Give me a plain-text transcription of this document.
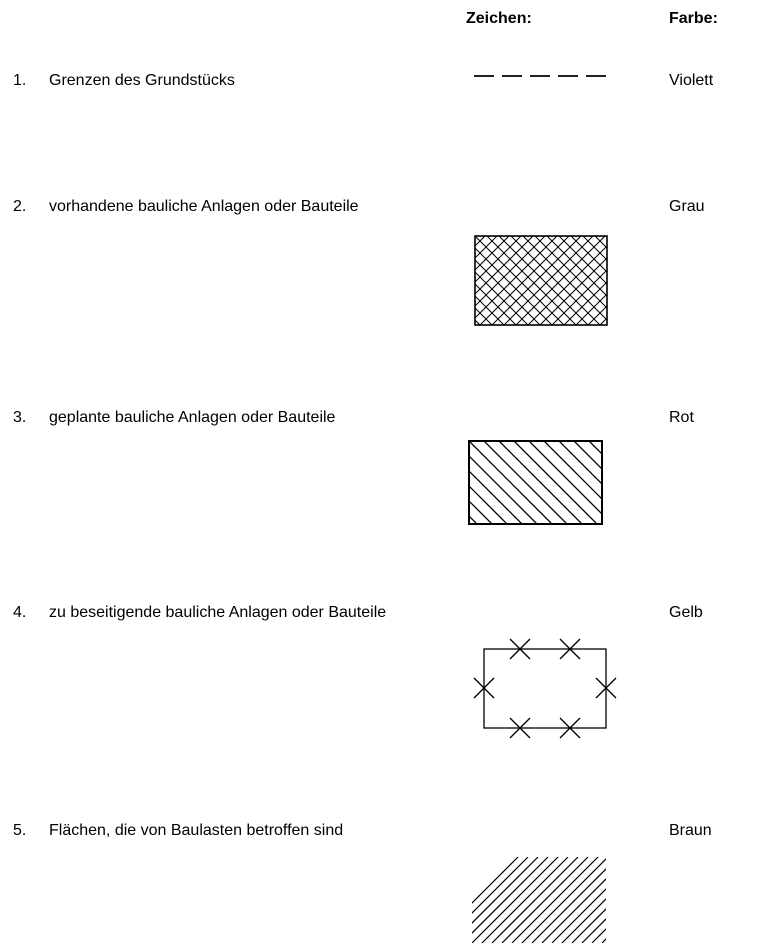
Zeichen:	Farbe:
1. Grenzen des Grundstücks	Violett
2. vorhandene bauliche Anlagen oder Bauteile	Grau
3. geplante bauliche Anlagen oder Bauteile	Rot
4. zu beseitigende bauliche Anlagen oder Bauteile	Gelb
5. Flächen, die von Baulasten betroffen sind	Braun
